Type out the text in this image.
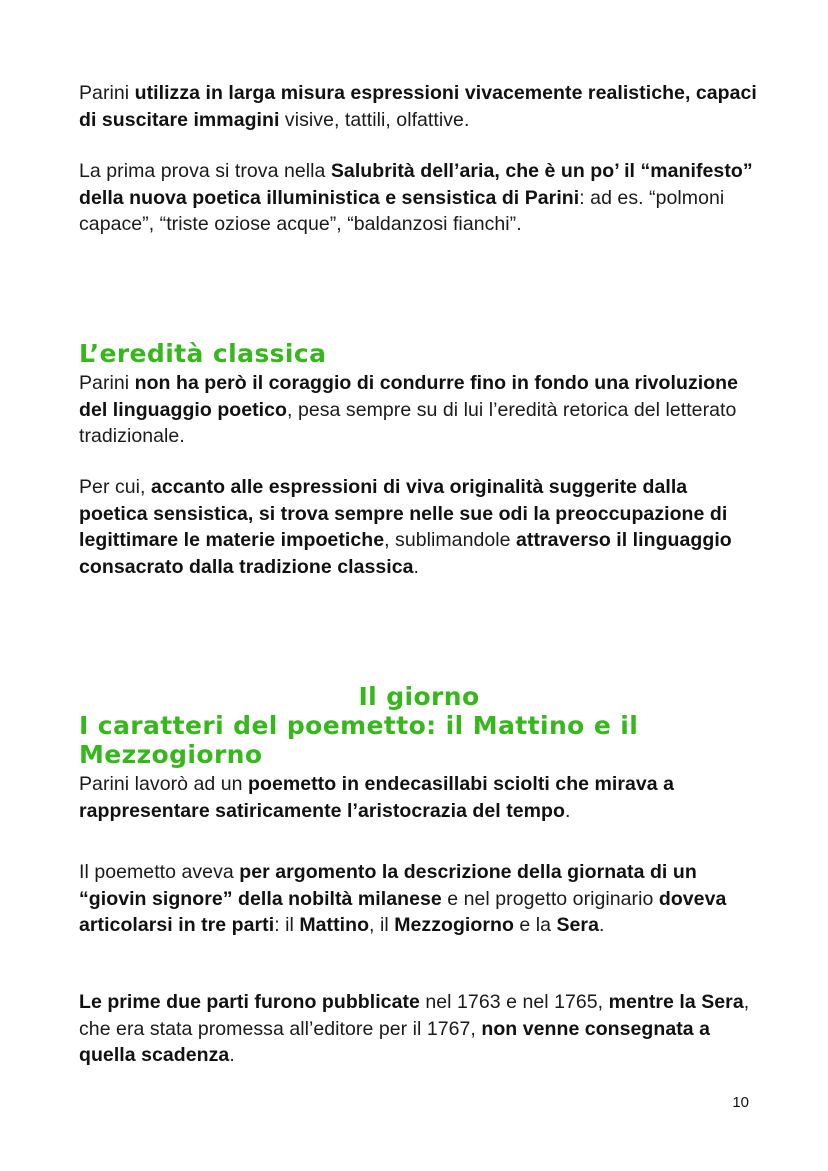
Parini utilizza in larga misura espressioni vivacemente realistiche, capaci di suscitare immagini visive, tattili, olfattive.

La prima prova si trova nella Salubrità dell’aria, che è un po’ il “manifesto” della nuova poetica illuministica e sensistica di Parini: ad es. “polmoni capace”, “triste oziose acque”, “baldanzosi fianchi”.

L’eredità classica

Parini non ha però il coraggio di condurre fino in fondo una rivoluzione del linguaggio poetico, pesa sempre su di lui l’eredità retorica del letterato tradizionale.

Per cui, accanto alle espressioni di viva originalità suggerite dalla poetica sensistica, si trova sempre nelle sue odi la preoccupazione di legittimare le materie impoetiche, sublimandole attraverso il linguaggio consacrato dalla tradizione classica.

Il giorno
I caratteri del poemetto: il Mattino e il Mezzogiorno

Parini lavorò ad un poemetto in endecasillabi sciolti che mirava a rappresentare satiricamente l’aristocrazia del tempo.

Il poemetto aveva per argomento la descrizione della giornata di un “giovin signore” della nobiltà milanese e nel progetto originario doveva articolarsi in tre parti: il Mattino, il Mezzogiorno e la Sera.

Le prime due parti furono pubblicate nel 1763 e nel 1765, mentre la Sera, che era stata promessa all’editore per il 1767, non venne consegnata a quella scadenza.

10
